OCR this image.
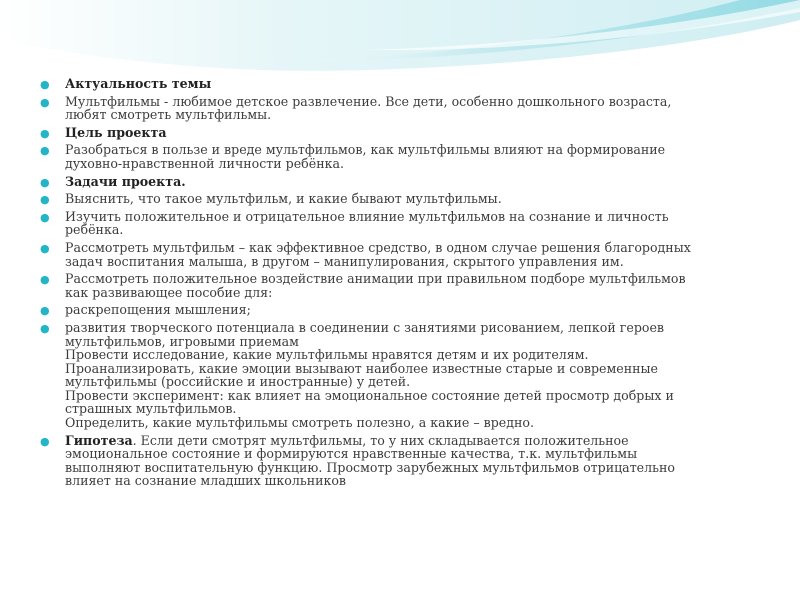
● Актуальность темы
● Мультфильмы - любимое детское развлечение. Все дети, особенно дошкольного возраста,
любят смотреть мультфильмы.
● Цель проекта
● Разобраться в пользе и вреде мультфильмов, как мультфильмы влияют на формирование
духовно-нравственной личности ребёнка.
● Задачи проекта.
● Выяснить, что такое мультфильм, и какие бывают мультфильмы.
● Изучить положительное и отрицательное влияние мультфильмов на сознание и личность
ребёнка.
● Рассмотреть мультфильм – как эффективное средство, в одном случае решения благородных
задач воспитания малыша, в другом – манипулирования, скрытого управления им.
● Рассмотреть положительное воздействие анимации при правильном подборе мультфильмов
как развивающее пособие для:
● раскрепощения мышления;
● развития творческого потенциала в соединении с занятиями рисованием, лепкой героев
мультфильмов, игровыми приемам
Провести исследование, какие мультфильмы нравятся детям и их родителям.
Проанализировать, какие эмоции вызывают наиболее известные старые и современные
мультфильмы (российские и иностранные) у детей.
Провести эксперимент: как влияет на эмоциональное состояние детей просмотр добрых и
страшных мультфильмов.
Определить, какие мультфильмы смотреть полезно, а какие – вредно.
● Гипотеза. Если дети смотрят мультфильмы, то у них складывается положительное
эмоциональное состояние и формируются нравственные качества, т.к. мультфильмы
выполняют воспитательную функцию. Просмотр зарубежных мультфильмов отрицательно
влияет на сознание младших школьников
